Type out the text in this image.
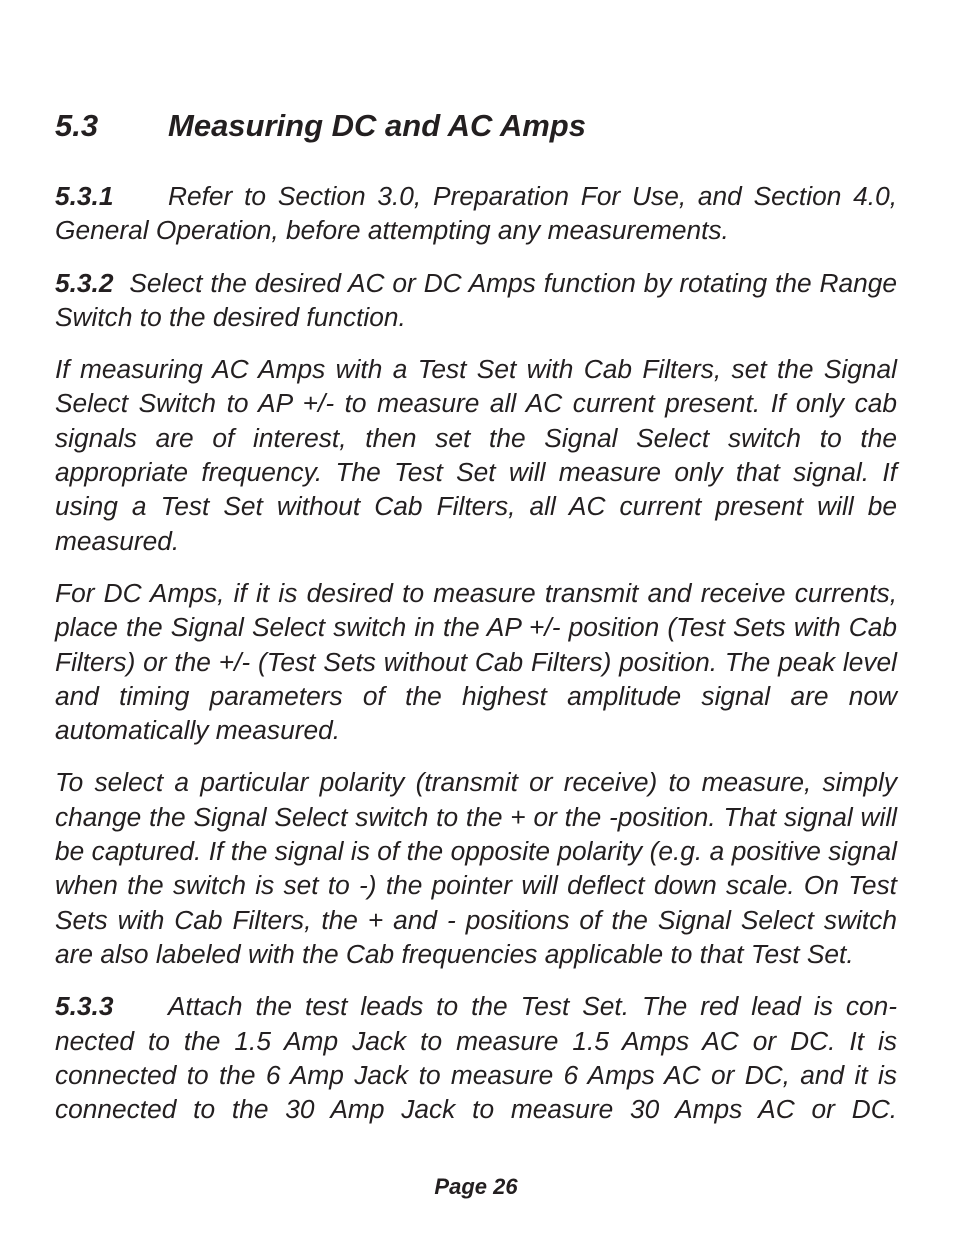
5.3 Measuring DC and AC Amps

5.3.1 Refer to Section 3.0, Preparation For Use, and Section 4.0, General Operation, before attempting any measurements.

5.3.2 Select the desired AC or DC Amps function by rotating the Range Switch to the desired function.

If measuring AC Amps with a Test Set with Cab Filters, set the Signal Select Switch to AP +/- to measure all AC current present. If only cab signals are of interest, then set the Signal Select switch to the appropriate frequency. The Test Set will measure only that signal. If using a Test Set without Cab Filters, all AC current present will be measured.

For DC Amps, if it is desired to measure transmit and receive currents, place the Signal Select switch in the AP +/- position (Test Sets with Cab Filters) or the +/- (Test Sets without Cab Filters) position. The peak level and timing parameters of the highest amplitude signal are now automatically measured.

To select a particular polarity (transmit or receive) to measure, simply change the Signal Select switch to the + or the -position. That signal will be captured. If the signal is of the opposite polarity (e.g. a positive signal when the switch is set to -) the pointer will deflect down scale. On Test Sets with Cab Filters, the + and - positions of the Signal Select switch are also labeled with the Cab frequencies applicable to that Test Set.

5.3.3 Attach the test leads to the Test Set. The red lead is connected to the 1.5 Amp Jack to measure 1.5 Amps AC or DC. It is connected to the 6 Amp Jack to measure 6 Amps AC or DC, and it is connected to the 30 Amp Jack to measure 30 Amps AC or DC.

Page 26
